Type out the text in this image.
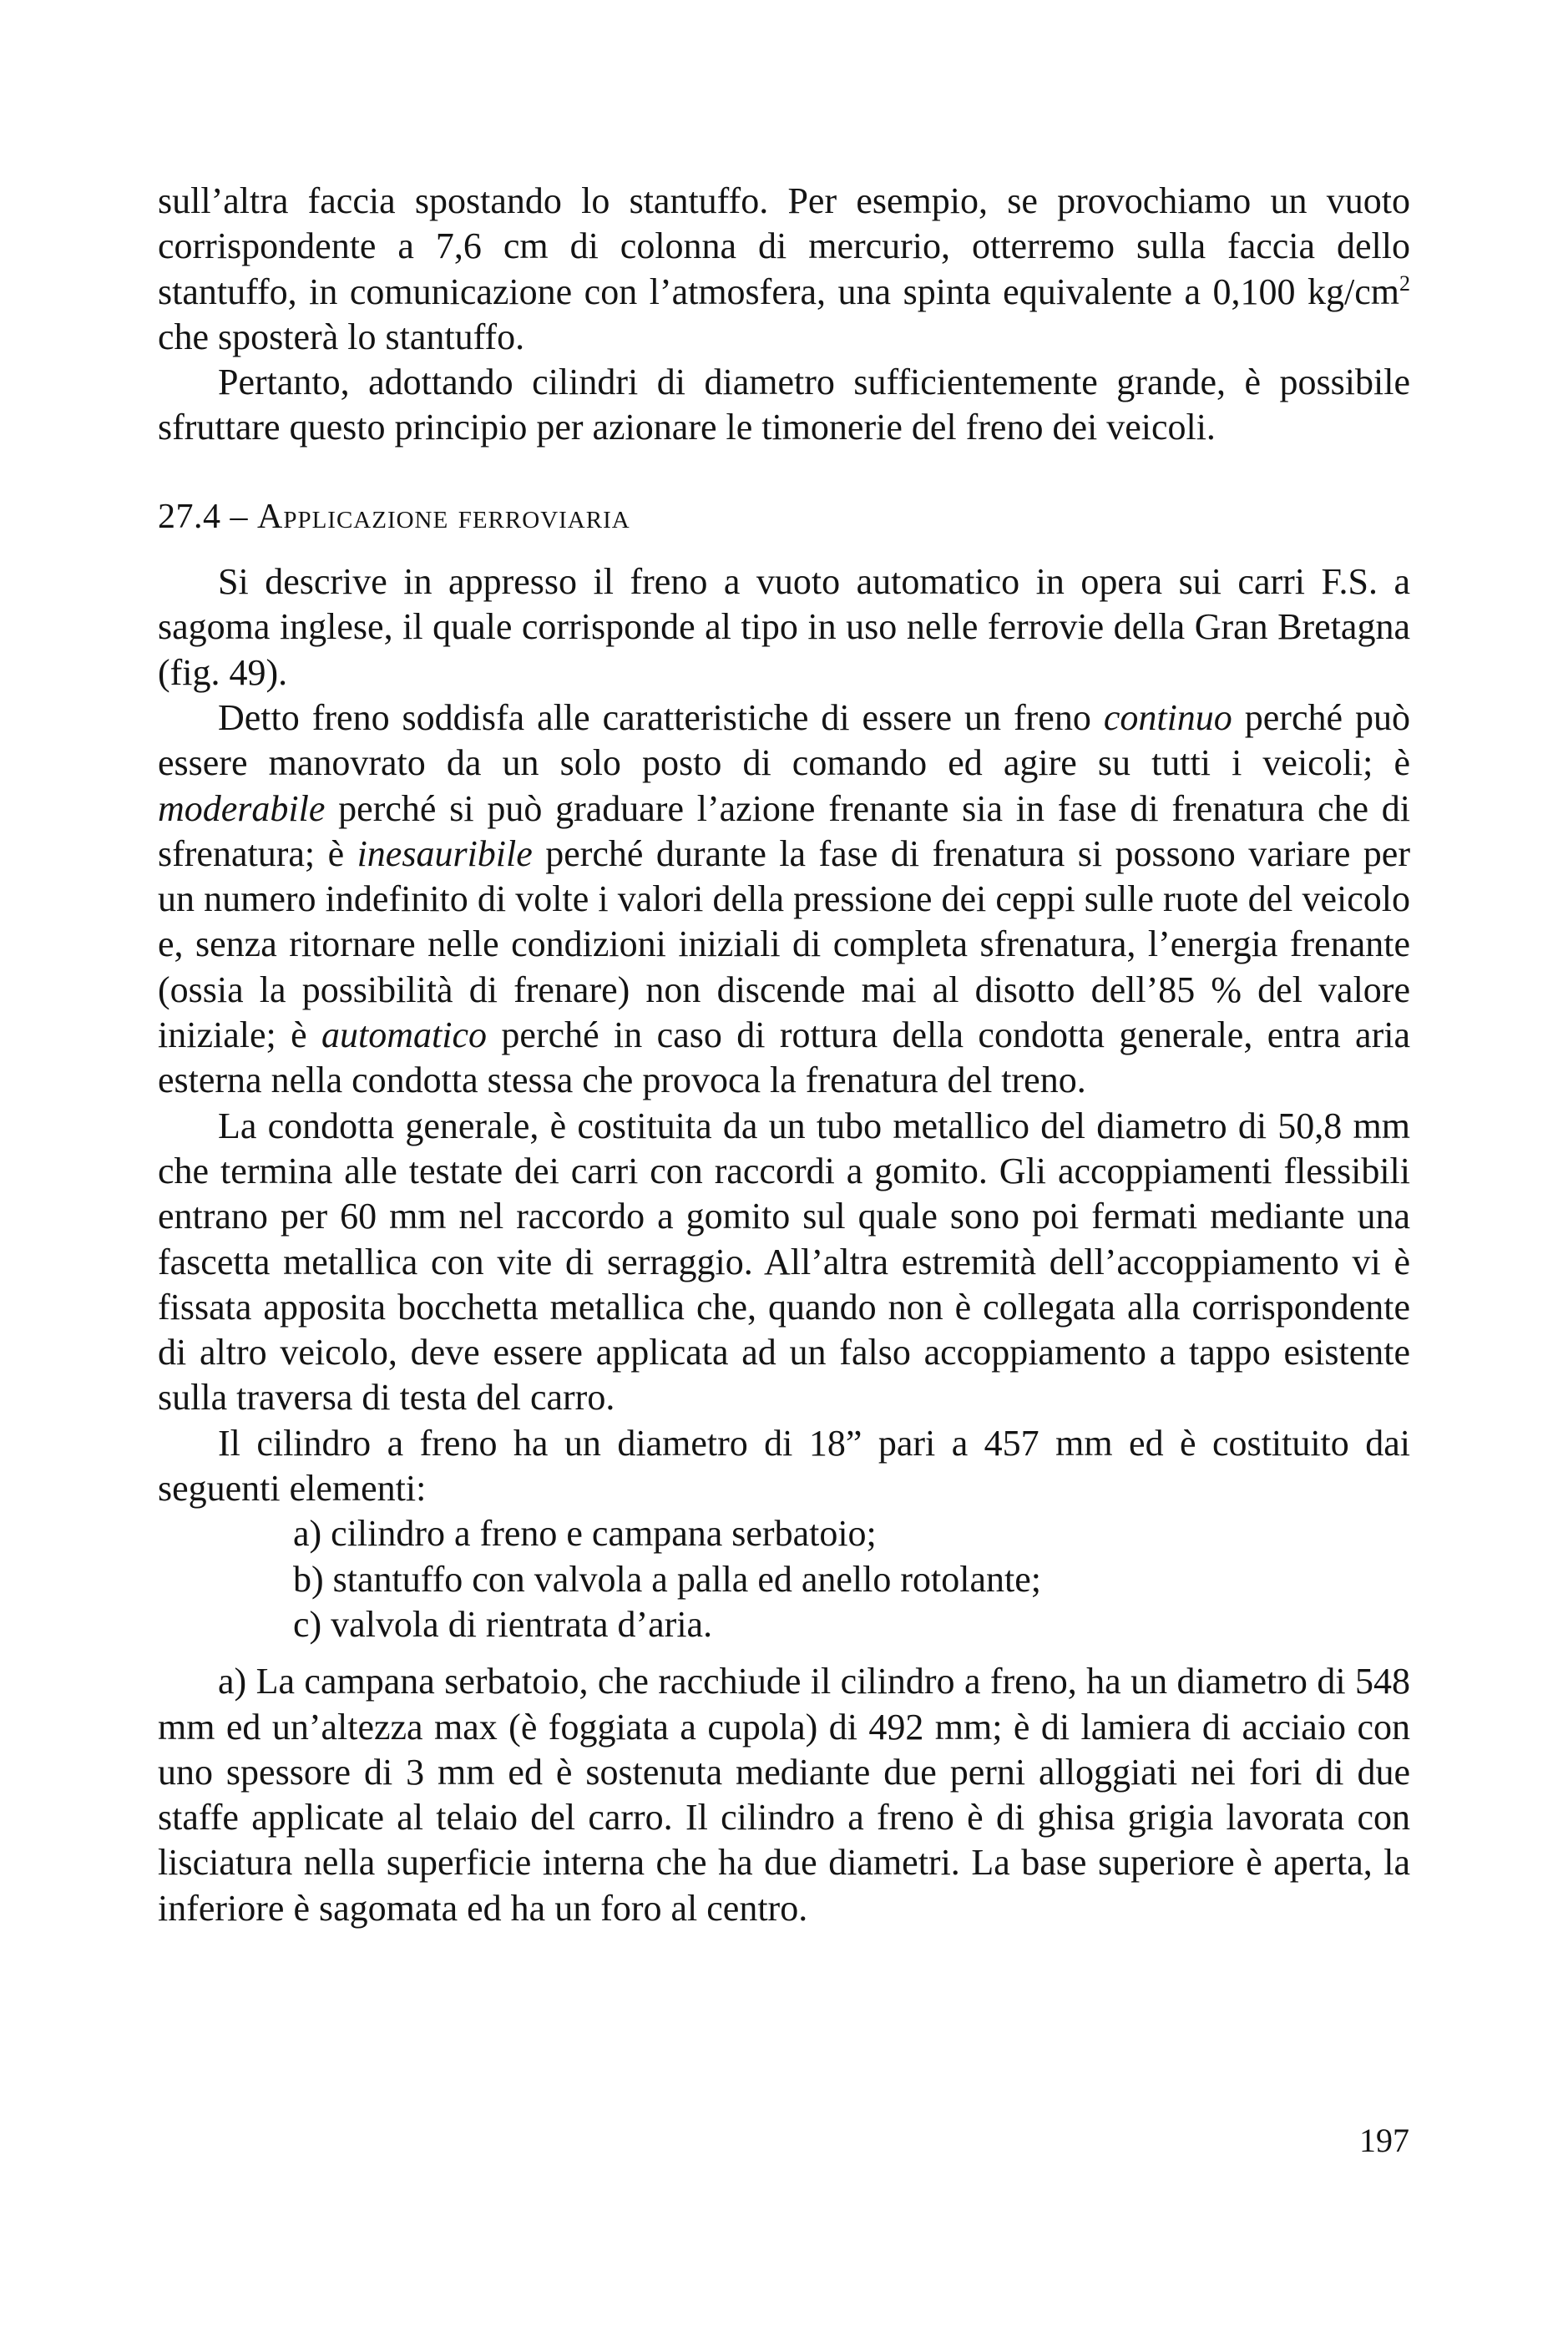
sull’altra faccia spostando lo stantuffo. Per esempio, se provochiamo un vuoto corrispondente a 7,6 cm di colonna di mercurio, otterremo sulla faccia dello stantuffo, in comunicazione con l’atmosfera, una spinta equivalente a 0,100 $kg/cm^2$ che sposterà lo stantuffo.

Pertanto, adottando cilindri di diametro sufficientemente grande, è possibile sfruttare questo principio per azionare le timonerie del freno dei veicoli.

27.4 – Applicazione ferroviaria

Si descrive in appresso il freno a vuoto automatico in opera sui carri F.S. a sagoma inglese, il quale corrisponde al tipo in uso nelle ferrovie della Gran Bretagna (fig. 49).

Detto freno soddisfa alle caratteristiche di essere un freno continuo perché può essere manovrato da un solo posto di comando ed agire su tutti i veicoli; è moderabile perché si può graduare l’azione frenante sia in fase di frenatura che di sfrenatura; è inesauribile perché durante la fase di frenatura si possono variare per un numero indefinito di volte i valori della pressione dei ceppi sulle ruote del veicolo e, senza ritornare nelle condizioni iniziali di completa sfrenatura, l’energia frenante (ossia la possibilità di frenare) non discende mai al disotto dell’85 % del valore iniziale; è automatico perché in caso di rottura della condotta generale, entra aria esterna nella condotta stessa che provoca la frenatura del treno.

La condotta generale, è costituita da un tubo metallico del diametro di 50,8 mm che termina alle testate dei carri con raccordi a gomito. Gli accoppiamenti flessibili entrano per 60 mm nel raccordo a gomito sul quale sono poi fermati mediante una fascetta metallica con vite di serraggio. All’altra estremità dell’accoppiamento vi è fissata apposita bocchetta metallica che, quando non è collegata alla corrispondente di altro veicolo, deve essere applicata ad un falso accoppiamento a tappo esistente sulla traversa di testa del carro.

Il cilindro a freno ha un diametro di 18” pari a 457 mm ed è costituito dai seguenti elementi:

a) cilindro a freno e campana serbatoio;
b) stantuffo con valvola a palla ed anello rotolante;
c) valvola di rientrata d’aria.

a) La campana serbatoio, che racchiude il cilindro a freno, ha un diametro di 548 mm ed un’altezza max (è foggiata a cupola) di 492 mm; è di lamiera di acciaio con uno spessore di 3 mm ed è sostenuta mediante due perni alloggiati nei fori di due staffe applicate al telaio del carro. Il cilindro a freno è di ghisa grigia lavorata con lisciatura nella superficie interna che ha due diametri. La base superiore è aperta, la inferiore è sagomata ed ha un foro al centro.

197
